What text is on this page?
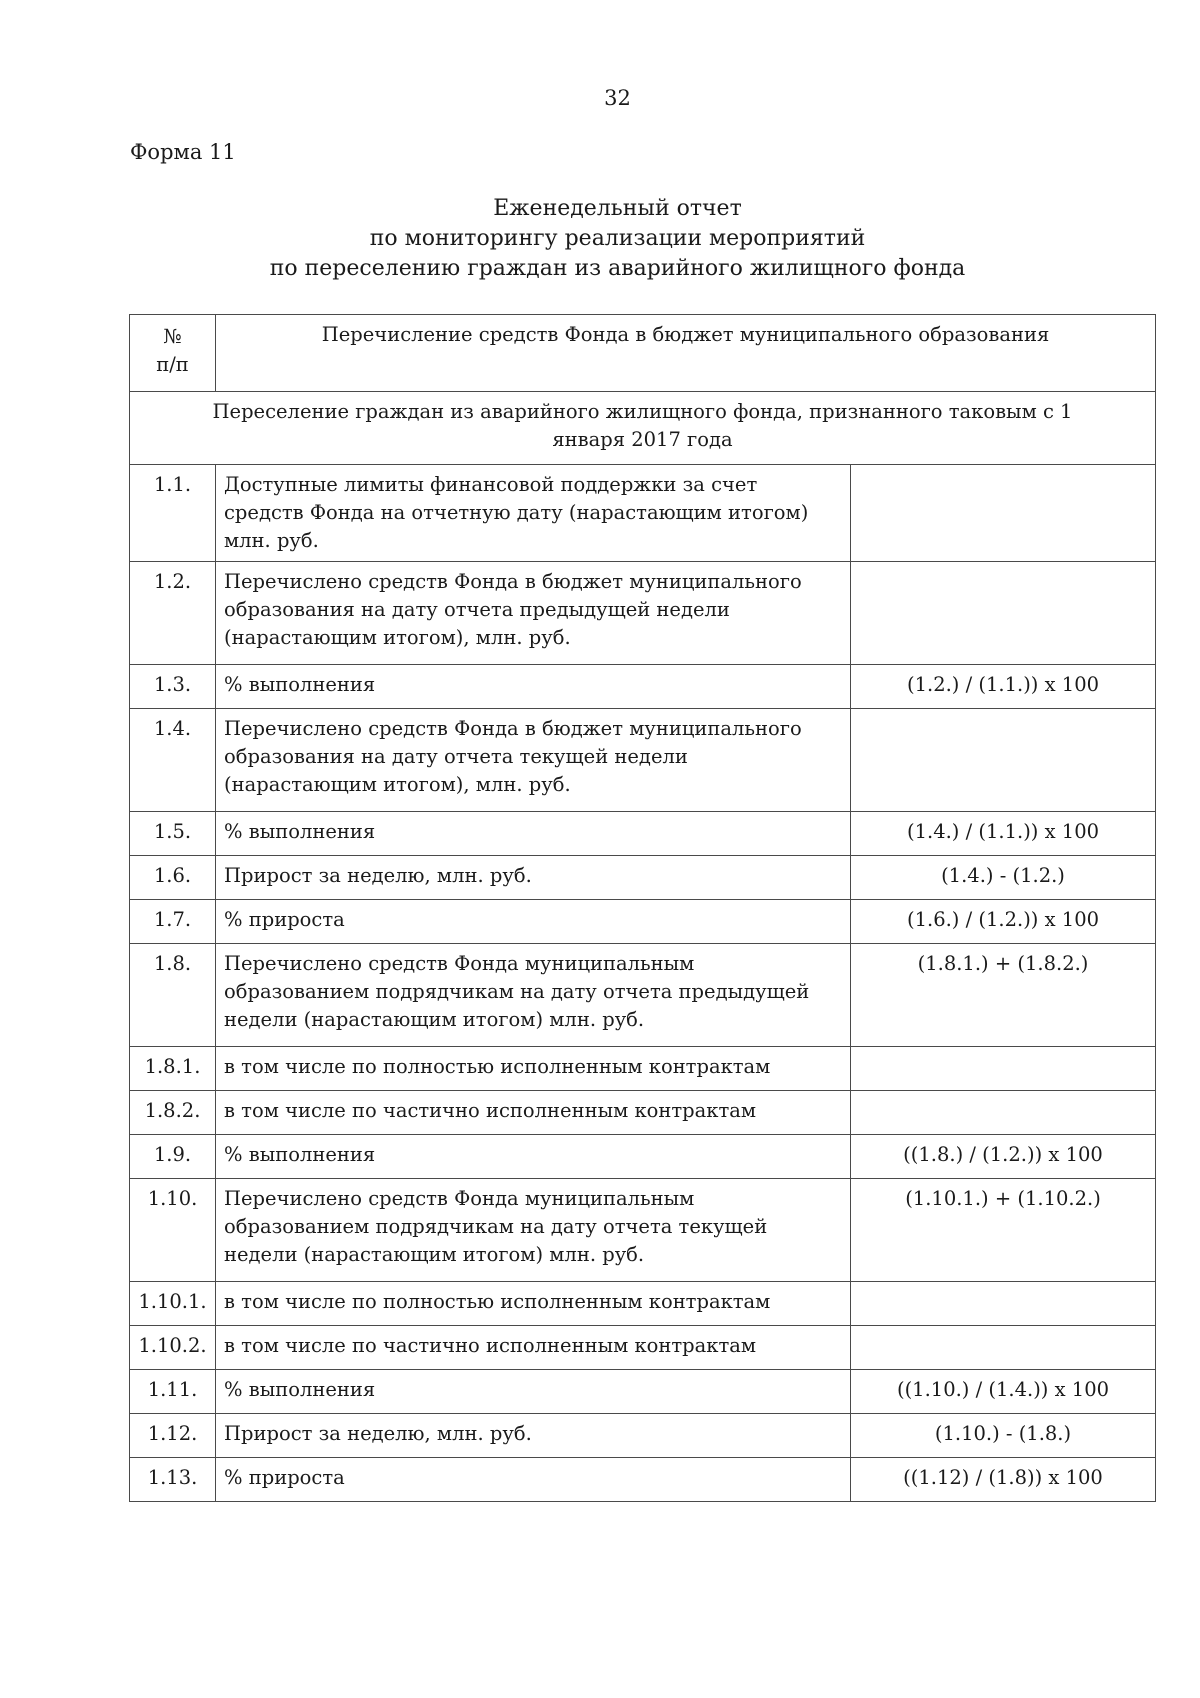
32
Форма 11
Еженедельный отчет
по мониторингу реализации мероприятий
по переселению граждан из аварийного жилищного фонда
№ п/п	Перечисление средств Фонда в бюджет муниципального образования	

Переселение граждан из аварийного жилищного фонда, признанного таковым с 1 января 2017 года		

1.1.	Доступные лимиты финансовой поддержки за счет средств Фонда на отчетную дату (нарастающим итогом) млн. руб.	
1.2.	Перечислено средств Фонда в бюджет муниципального образования на дату отчета предыдущей недели (нарастающим итогом), млн. руб.	
1.3.	% выполнения	(1.2.) / (1.1.)) х 100
1.4.	Перечислено средств Фонда в бюджет муниципального образования на дату отчета текущей недели (нарастающим итогом), млн. руб.	
1.5.	% выполнения	(1.4.) / (1.1.)) х 100
1.6.	Прирост за неделю, млн. руб.	(1.4.) - (1.2.)
1.7.	% прироста	(1.6.) / (1.2.)) х 100
1.8.	Перечислено средств Фонда муниципальным образованием подрядчикам на дату отчета предыдущей недели (нарастающим итогом) млн. руб.	(1.8.1.) + (1.8.2.)
1.8.1.	в том числе по полностью исполненным контрактам	
1.8.2.	в том числе по частично исполненным контрактам	
1.9.	% выполнения	((1.8.) / (1.2.)) х 100
1.10.	Перечислено средств Фонда муниципальным образованием подрядчикам на дату отчета текущей недели (нарастающим итогом) млн. руб.	(1.10.1.) + (1.10.2.)
1.10.1.	в том числе по полностью исполненным контрактам	
1.10.2.	в том числе по частично исполненным контрактам	
1.11.	% выполнения	((1.10.) / (1.4.)) х 100
1.12.	Прирост за неделю, млн. руб.	(1.10.) - (1.8.)
1.13.	% прироста	((1.12) / (1.8)) х 100
